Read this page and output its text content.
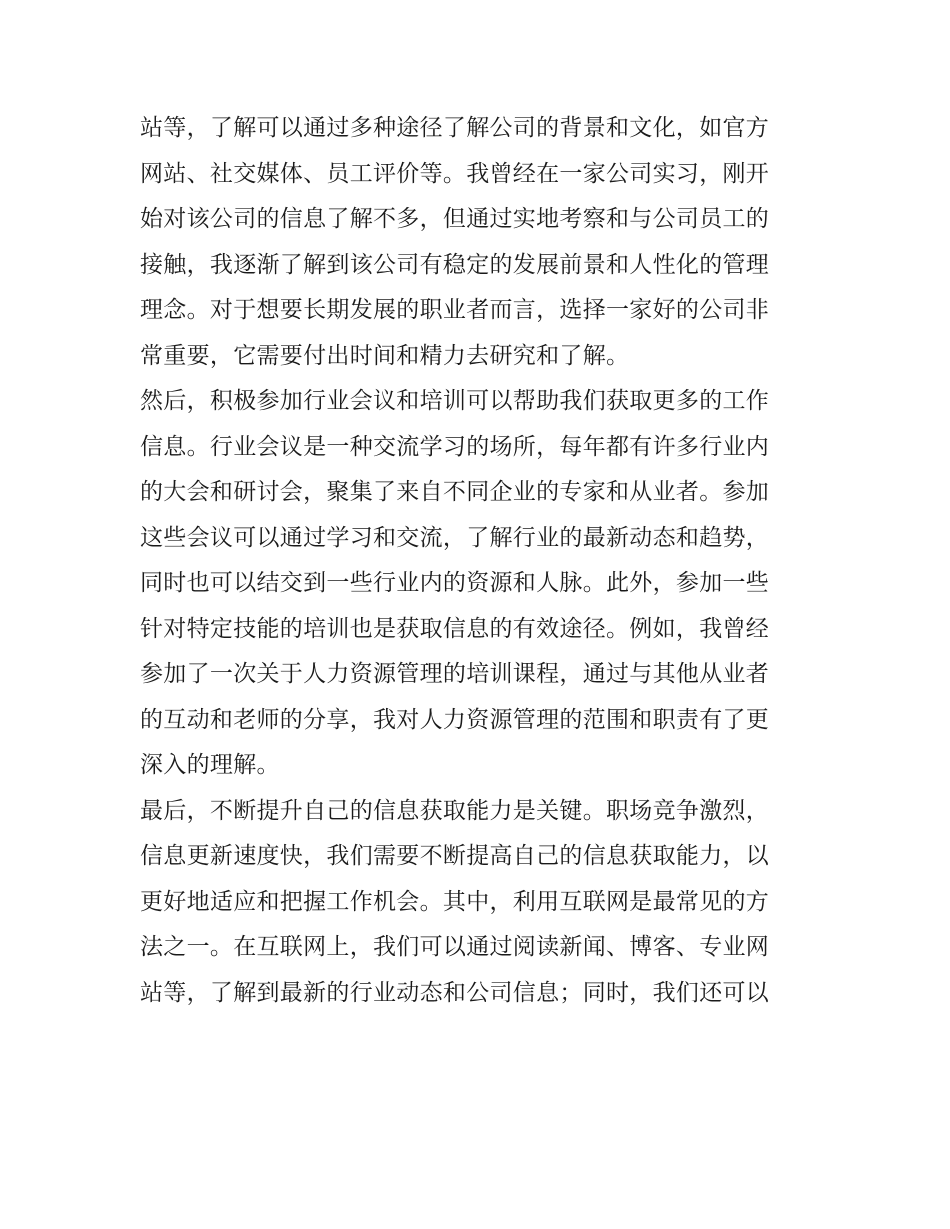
站等，了解可以通过多种途径了解公司的背景和文化，如官方
网站、社交媒体、员工评价等。我曾经在一家公司实习，刚开
始对该公司的信息了解不多，但通过实地考察和与公司员工的
接触，我逐渐了解到该公司有稳定的发展前景和人性化的管理
理念。对于想要长期发展的职业者而言，选择一家好的公司非
常重要，它需要付出时间和精力去研究和了解。
然后，积极参加行业会议和培训可以帮助我们获取更多的工作
信息。行业会议是一种交流学习的场所，每年都有许多行业内
的大会和研讨会，聚集了来自不同企业的专家和从业者。参加
这些会议可以通过学习和交流，了解行业的最新动态和趋势，
同时也可以结交到一些行业内的资源和人脉。此外，参加一些
针对特定技能的培训也是获取信息的有效途径。例如，我曾经
参加了一次关于人力资源管理的培训课程，通过与其他从业者
的互动和老师的分享，我对人力资源管理的范围和职责有了更
深入的理解。
最后，不断提升自己的信息获取能力是关键。职场竞争激烈，
信息更新速度快，我们需要不断提高自己的信息获取能力，以
更好地适应和把握工作机会。其中，利用互联网是最常见的方
法之一。在互联网上，我们可以通过阅读新闻、博客、专业网
站等，了解到最新的行业动态和公司信息；同时，我们还可以
